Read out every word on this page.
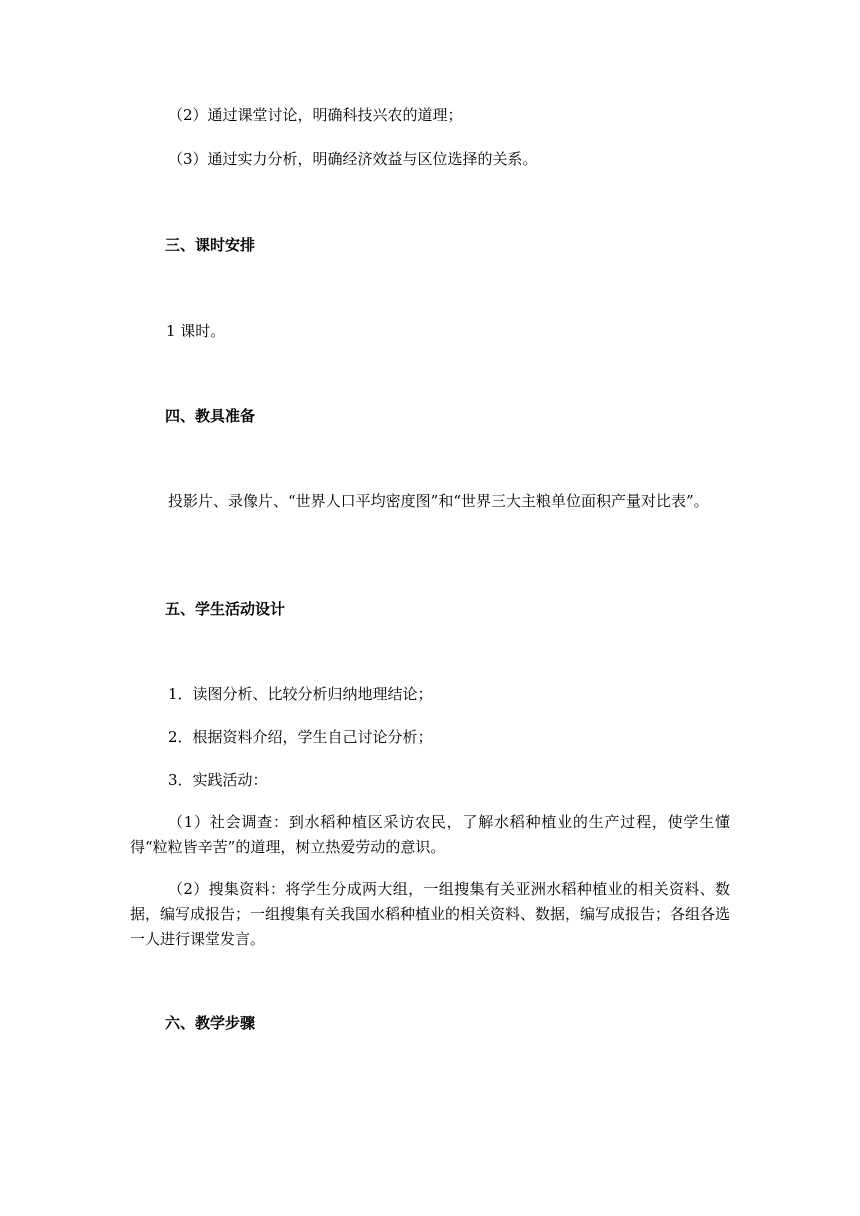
（2）通过课堂讨论，明确科技兴农的道理；

（3）通过实力分析，明确经济效益与区位选择的关系。

三、课时安排

1 课时。

四、教具准备

投影片、录像片、“世界人口平均密度图”和“世界三大主粮单位面积产量对比表”。

五、学生活动设计

1．读图分析、比较分析归纳地理结论；

2．根据资料介绍，学生自己讨论分析；

3．实践活动：

（1）社会调查：到水稻种植区采访农民，了解水稻种植业的生产过程，使学生懂得“粒粒皆辛苦”的道理，树立热爱劳动的意识。

（2）搜集资料：将学生分成两大组，一组搜集有关亚洲水稻种植业的相关资料、数据，编写成报告；一组搜集有关我国水稻种植业的相关资料、数据，编写成报告；各组各选一人进行课堂发言。

六、教学步骤
